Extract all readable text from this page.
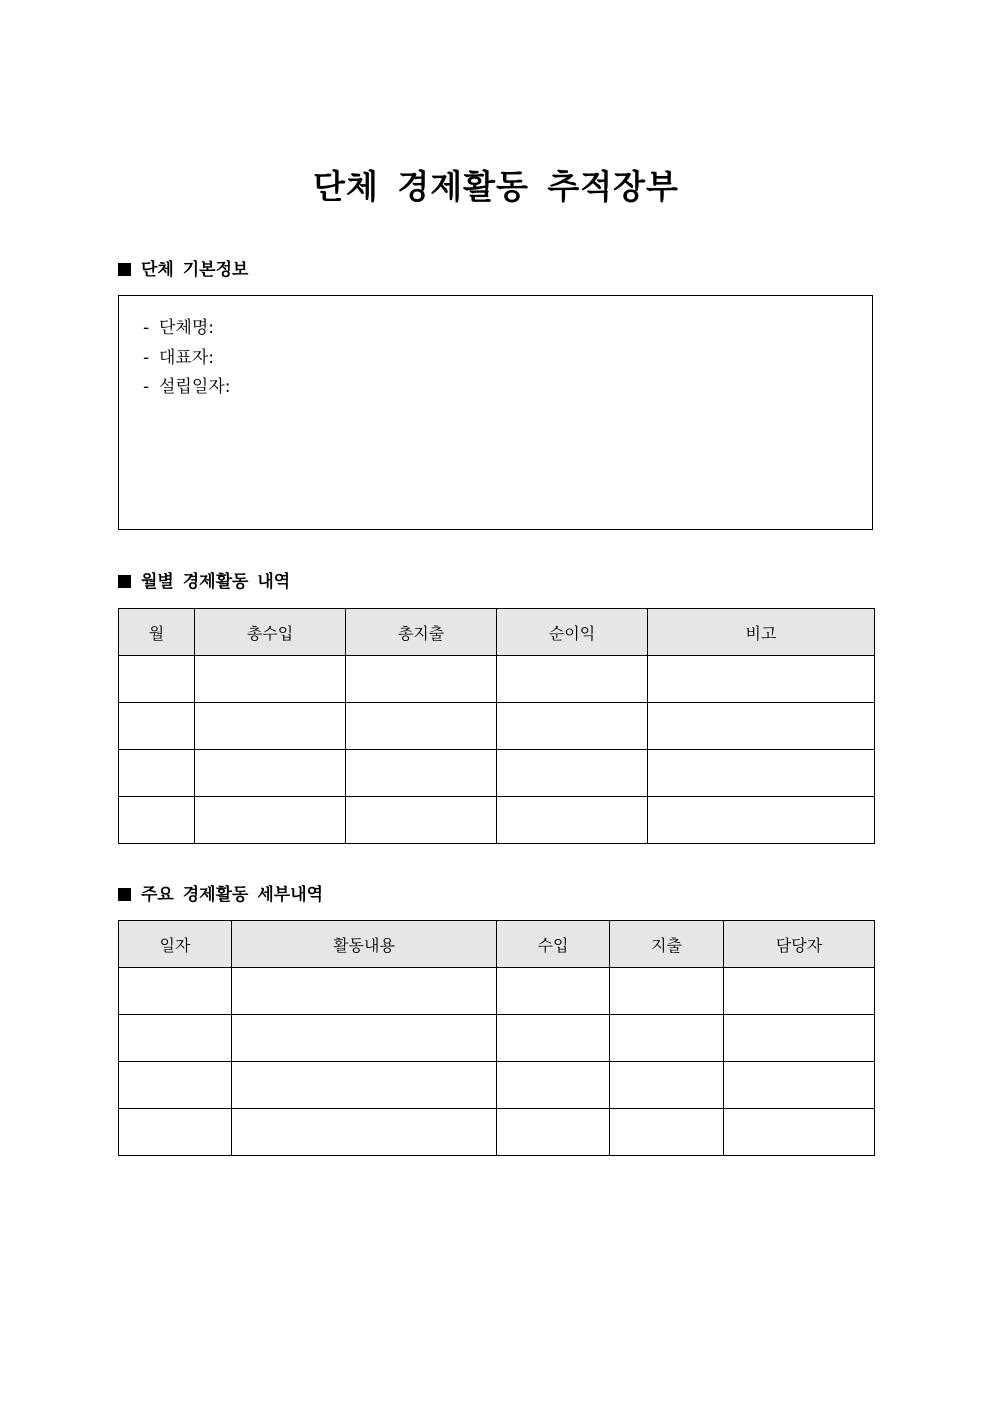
단체 경제활동 추적장부
단체 기본정보
- 단체명:
- 대표자:
- 설립일자:
월별 경제활동 내역
월	총수입	총지출	순이익	비고

주요 경제활동 세부내역
일자	활동내용	수입	지출	담당자
